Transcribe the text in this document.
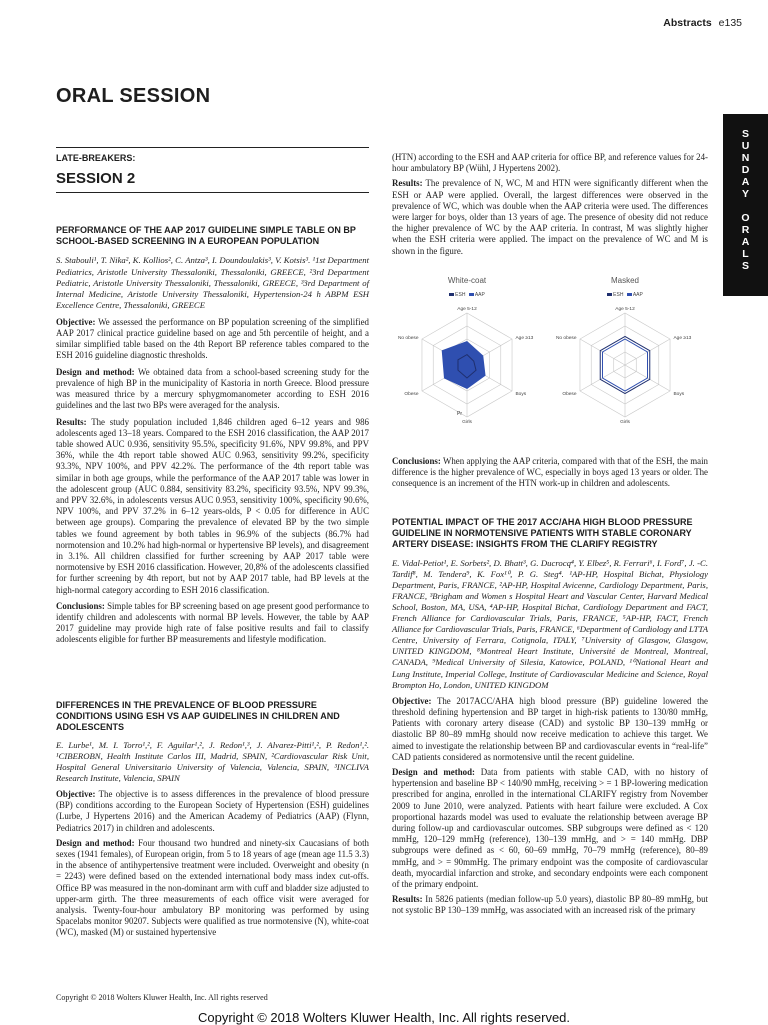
Abstracts e135
ORAL SESSION
S
U
N
D
A
Y
O
R
A
L
S
LATE-BREAKERS:
SESSION 2

PERFORMANCE OF THE AAP 2017 GUIDELINE SIMPLE TABLE ON BP SCHOOL-BASED SCREENING IN A EUROPEAN POPULATION

S. Stabouli¹, T. Nika², K. Kollios², C. Antza³, I. Doundoulakis³, V. Kotsis³. ¹1st Department Pediatrics, Aristotle University Thessaloniki, Thessaloniki, GREECE, ²3rd Department Pediatric, Aristotle University Thessaloniki, Thessaloniki, GREECE, ³3rd Department of Internal Medicine, Aristotle University Thessaloniki, Hypertension-24 h ABPM ESH Excellence Centre, Thessaloniki, GREECE

Objective: We assessed the performance on BP population screening of the simplified AAP 2017 clinical practice guideline based on age and 5th percentile of height, and a similar simplified table based on the 4th Report BP reference tables compared to the ESH 2016 guideline diagnostic thresholds.

Design and method: We obtained data from a school-based screening study for the prevalence of high BP in the municipality of Kastoria in north Greece. Blood pressure was measured thrice by a mercury sphygmomanometer according to ESH 2016 guidelines and the last two BPs were averaged for the analysis.

Results: The study population included 1,846 children aged 6–12 years and 986 adolescents aged 13–18 years. Compared to the ESH 2016 classification, the AAP 2017 table showed AUC 0.936, sensitivity 95.5%, specificity 91.6%, NPV 99.8%, and PPV 36%, while the 4th report table showed AUC 0.963, sensitivity 99.2%, specificity 93.3%, NPV 100%, and PPV 42.2%. The performance of the 4th report table was similar in both age groups, while the performance of the AAP 2017 table was lower in the adolescent group (AUC 0.884, sensitivity 83.2%, specificity 93.5%, NPV 99.3%, and PPV 32.6%, in adolescents versus AUC 0.953, sensitivity 100%, specificity 90.6%, NPV 100%, and PPV 37.2% in 6–12 years-olds, P < 0.05 for difference in AUC between age groups). Comparing the prevalence of elevated BP by the two simple tables we found agreement by both tables in 96.9% of the subjects (86.7% had normotension and 10.2% had high-normal or hypertensive BP levels), and disagreement in 3.1%. All children classified for further screening by AAP 2017 table were normotensive by ESH 2016 classification. However, 20,8% of the adolescents classified for further screening by 4th report, but not by AAP 2017 table, had BP levels at the high-normal category according to ESH 2016 classification.

Conclusions: Simple tables for BP screening based on age present good performance to identify children and adolescents with normal BP levels. However, the table by AAP 2017 guideline may provide high rate of false positive results and fail to classify adolescents eligible for further BP measurements and lifestyle modification.

DIFFERENCES IN THE PREVALENCE OF BLOOD PRESSURE CONDITIONS USING ESH VS AAP GUIDELINES IN CHILDREN AND ADOLESCENTS

E. Lurbe¹, M. I. Torro¹,², F. Aguilar¹,², J. Redon¹,³, J. Alvarez-Pitti¹,², P. Redon¹,². ¹CIBEROBN, Health Institute Carlos III, Madrid, SPAIN, ²Cardiovascular Risk Unit, Hospital General Universitario University of Valencia, Valencia, SPAIN, ³INCLIVA Research Institute, Valencia, SPAIN

Objective: The objective is to assess differences in the prevalence of blood pressure (BP) conditions according to the European Society of Hypertension (ESH) guidelines (Lurbe, J Hypertens 2016) and the American Academy of Pediatrics (AAP) (Flynn, Pediatrics 2017) in children and adolescents.

Design and method: Four thousand two hundred and ninety-six Caucasians of both sexes (1941 females), of European origin, from 5 to 18 years of age (mean age 11.5 3.3) in the absence of antihypertensive treatment were included. Overweight and obesity (n = 2243) were defined based on the extended international body mass index cut-offs. Office BP was measured in the non-dominant arm with cuff and bladder size adjusted to upper-arm girth. The three measurements of each office visit were averaged for analysis. Twenty-four-hour ambulatory BP monitoring was performed by using Spacelabs monitor 90207. Subjects were qualified as true normotensive (N), white-coat (WC), masked (M) or sustained hypertensive

(HTN) according to the ESH and AAP criteria for office BP, and reference values for 24-hour ambulatory BP (Wühl, J Hypertens 2002).

Results: The prevalence of N, WC, M and HTN were significantly different when the ESH or AAP were applied. Overall, the largest differences were observed in the prevalence of WC, which was double when the AAP criteria were used. The differences were larger for boys, older than 13 years of age. The presence of obesity did not reduce the higher prevalence of WC by the AAP criteria. In contrast, M was slightly higher when the ESH criteria were applied. The impact on the prevalence of WC and M is shown in the figure.

White-coat
ESH AAP
Age 5-12
Age ≥13
Boys
Girls
Obese
No obese
Pr
Masked
ESH AAP
Age 5-12
Age ≥13
Boys
Girls
Obese
No obese

Conclusions: When applying the AAP criteria, compared with that of the ESH, the main difference is the higher prevalence of WC, especially in boys aged 13 years or older. The consequence is an increment of the HTN work-up in children and adolescents.

POTENTIAL IMPACT OF THE 2017 ACC/AHA HIGH BLOOD PRESSURE GUIDELINE IN NORMOTENSIVE PATIENTS WITH STABLE CORONARY ARTERY DISEASE: INSIGHTS FROM THE CLARIFY REGISTRY

E. Vidal-Petiot¹, E. Sorbets², D. Bhatt³, G. Ducrocq⁴, Y. Elbez⁵, R. Ferrari⁶, I. Ford⁷, J. -C. Tardif⁸, M. Tendera⁹, K. Fox¹⁰, P. G. Steg⁴. ¹AP-HP, Hospital Bichat, Physiology Department, Paris, FRANCE, ²AP-HP, Hospital Avicenne, Cardiology Department, Paris, FRANCE, ³Brigham and Women s Hospital Heart and Vascular Center, Harvard Medical School, Boston, MA, USA, ⁴AP-HP, Hospital Bichat, Cardiology Department and FACT, French Alliance for Cardiovascular Trials, Paris, FRANCE, ⁵AP-HP, FACT, French Alliance for Cardiovascular Trials, Paris, FRANCE, ⁶Department of Cardiology and LTTA Centre, University of Ferrara, Cotignola, ITALY, ⁷University of Glasgow, Glasgow, UNITED KINGDOM, ⁸Montreal Heart Institute, Université de Montreal, Montreal, CANADA, ⁹Medical University of Silesia, Katowice, POLAND, ¹⁰National Heart and Lung Institute, Imperial College, Institute of Cardiovascular Medicine and Science, Royal Brompton Ho, London, UNITED KINGDOM

Objective: The 2017ACC/AHA high blood pressure (BP) guideline lowered the threshold defining hypertension and BP target in high-risk patients to 130/80 mmHg, Patients with coronary artery disease (CAD) and systolic BP 130–139 mmHg or diastolic BP 80–89 mmHg should now receive medication to achieve this target. We aimed to investigate the relationship between BP and cardiovascular events in “real-life” CAD patients considered as normotensive until the recent guideline.

Design and method: Data from patients with stable CAD, with no history of hypertension and baseline BP < 140/90 mmHg, receiving > = 1 BP-lowering medication prescribed for angina, enrolled in the international CLARIFY registry from November 2009 to June 2010, were analyzed. Patients with heart failure were excluded. A Cox proportional hazards model was used to evaluate the relationship between average BP during follow-up and cardiovascular outcomes. SBP subgroups were defined as < 120 mmHg, 120–129 mmHg (reference), 130–139 mmHg, and > = 140 mmHg. DBP subgroups were defined as < 60, 60–69 mmHg, 70–79 mmHg (reference), 80–89 mmHg, and > = 90mmHg. The primary endpoint was the composite of cardiovascular death, myocardial infarction and stroke, and secondary endpoints were each component of the primary endpoint.

Results: In 5826 patients (median follow-up 5.0 years), diastolic BP 80–89 mmHg, but not systolic BP 130–139 mmHg, was associated with an increased risk of the primary

Copyright © 2018 Wolters Kluwer Health, Inc. All rights reserved
Copyright © 2018 Wolters Kluwer Health, Inc. All rights reserved.
